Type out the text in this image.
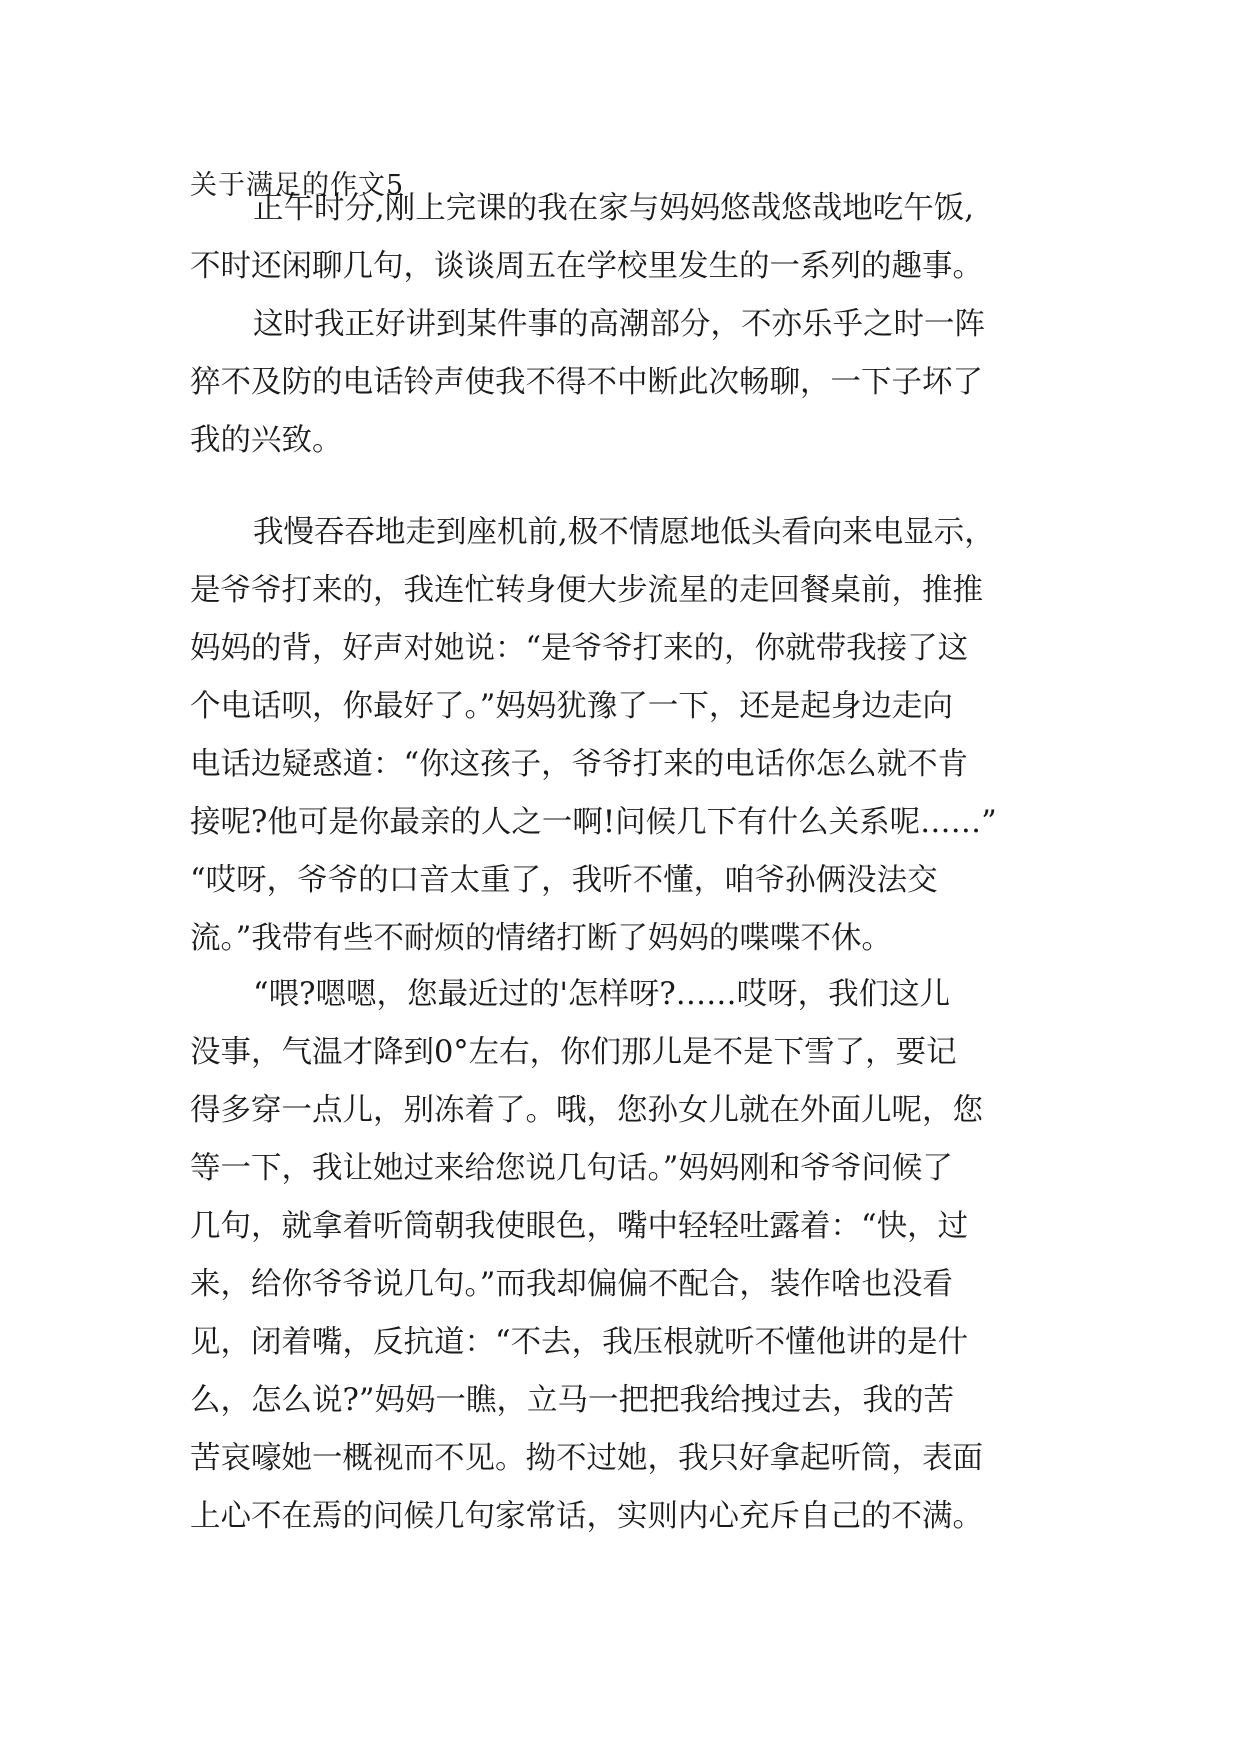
关于满足的作文5
正午时分,刚上完课的我在家与妈妈悠哉悠哉地吃午饭,
不时还闲聊几句，谈谈周五在学校里发生的一系列的趣事。
这时我正好讲到某件事的高潮部分，不亦乐乎之时一阵
猝不及防的电话铃声使我不得不中断此次畅聊，一下子坏了
我的兴致。
我慢吞吞地走到座机前,极不情愿地低头看向来电显示，
是爷爷打来的，我连忙转身便大步流星的走回餐桌前，推推
妈妈的背，好声对她说：“是爷爷打来的，你就带我接了这
个电话呗，你最好了。”妈妈犹豫了一下，还是起身边走向
电话边疑惑道：“你这孩子，爷爷打来的电话你怎么就不肯
接呢?他可是你最亲的人之一啊!问候几下有什么关系呢……”
“哎呀，爷爷的口音太重了，我听不懂，咱爷孙俩没法交
流。”我带有些不耐烦的情绪打断了妈妈的喋喋不休。
“喂?嗯嗯，您最近过的'怎样呀?……哎呀，我们这儿
没事，气温才降到0°左右，你们那儿是不是下雪了，要记
得多穿一点儿，别冻着了。哦，您孙女儿就在外面儿呢，您
等一下，我让她过来给您说几句话。”妈妈刚和爷爷问候了
几句，就拿着听筒朝我使眼色，嘴中轻轻吐露着：“快，过
来，给你爷爷说几句。”而我却偏偏不配合，装作啥也没看
见，闭着嘴，反抗道：“不去，我压根就听不懂他讲的是什
么，怎么说?”妈妈一瞧，立马一把把我给拽过去，我的苦
苦哀嚎她一概视而不见。拗不过她，我只好拿起听筒，表面
上心不在焉的问候几句家常话，实则内心充斥自己的不满。
